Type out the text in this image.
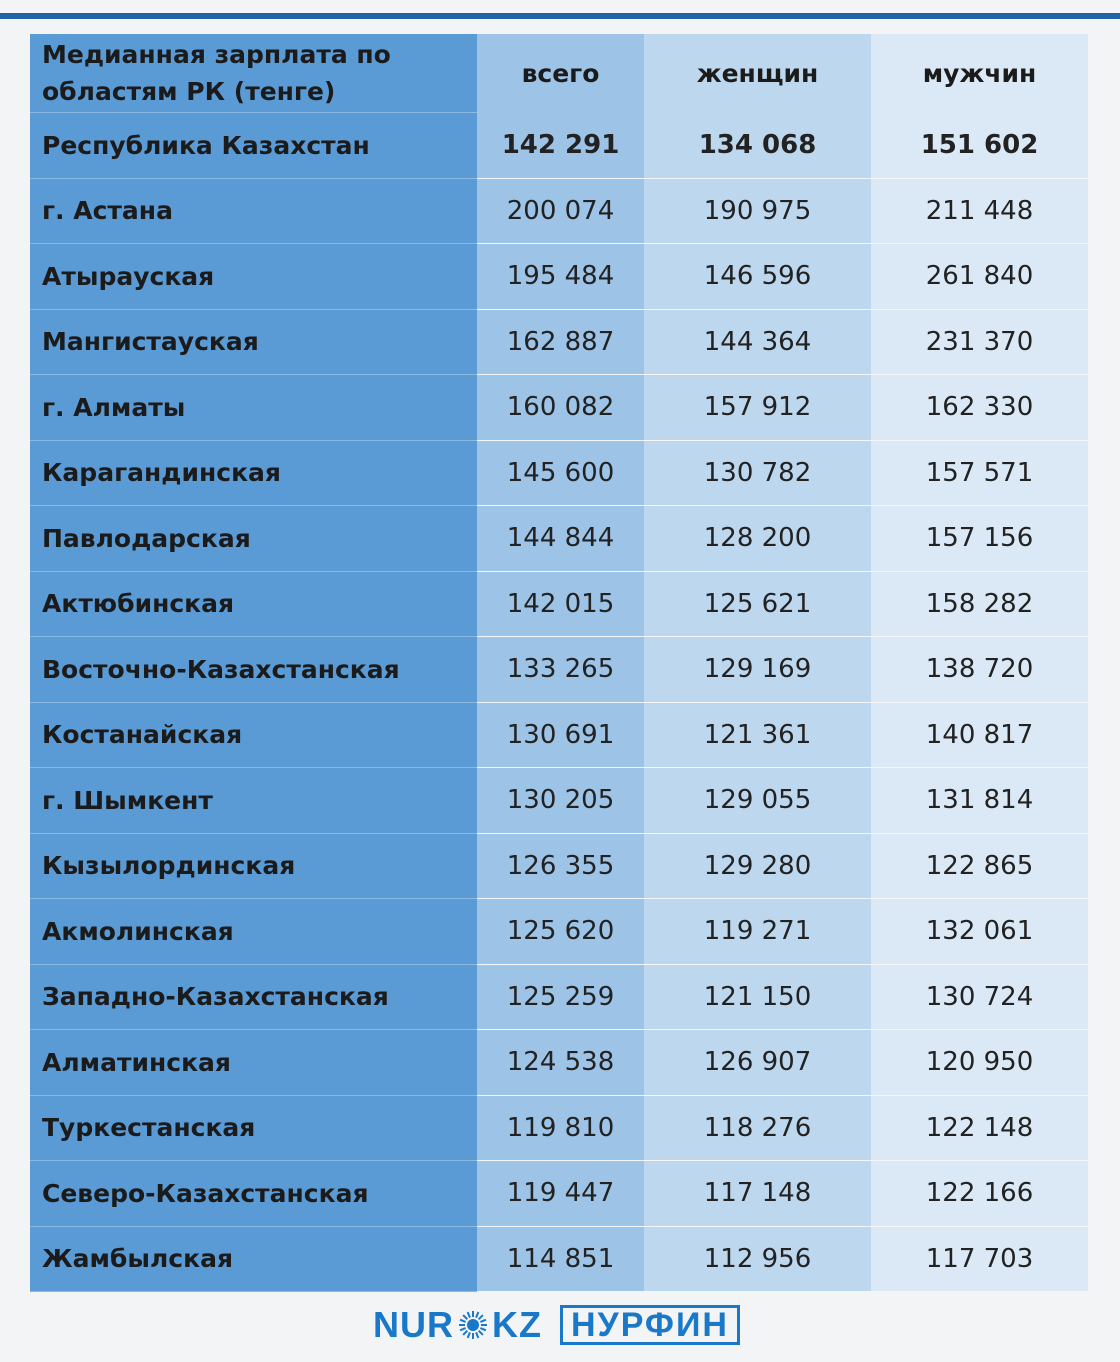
Медианная зарплата по областям РК (тенге)	всего	женщин	мужчин
Республика Казахстан	142 291	134 068	151 602
г. Астана	200 074	190 975	211 448
Атырауская	195 484	146 596	261 840
Мангистауская	162 887	144 364	231 370
г. Алматы	160 082	157 912	162 330
Карагандинская	145 600	130 782	157 571
Павлодарская	144 844	128 200	157 156
Актюбинская	142 015	125 621	158 282
Восточно-Казахстанская	133 265	129 169	138 720
Костанайская	130 691	121 361	140 817
г. Шымкент	130 205	129 055	131 814
Кызылординская	126 355	129 280	122 865
Акмолинская	125 620	119 271	132 061
Западно-Казахстанская	125 259	121 150	130 724
Алматинская	124 538	126 907	120 950
Туркестанская	119 810	118 276	122 148
Северо-Казахстанская	119 447	117 148	122 166
Жамбылская	114 851	112 956	117 703
NUR KZ НУРФИН
